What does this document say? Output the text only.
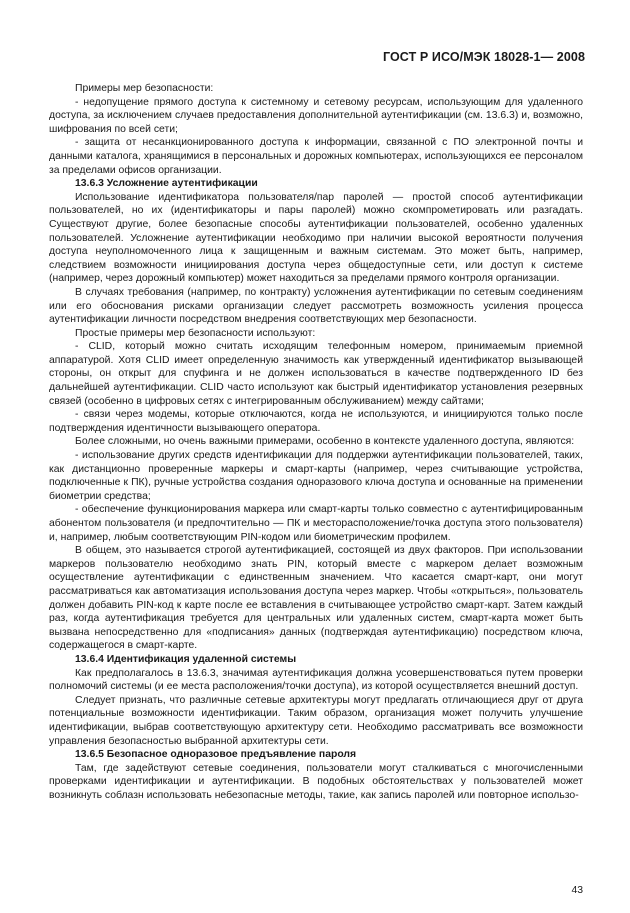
ГОСТ Р ИСО/МЭК 18028-1— 2008

Примеры мер безопасности:

- недопущение прямого доступа к системному и сетевому ресурсам, использующим для удаленного доступа, за исключением случаев предоставления дополнительной аутентификации (см. 13.6.3) и, возможно, шифрования по всей сети;

- защита от несанкционированного доступа к информации, связанной с ПО электронной почты и данными каталога, хранящимися в персональных и дорожных компьютерах, использующихся ее персоналом за пределами офисов организации.

13.6.3 Усложнение аутентификации

Использование идентификатора пользователя/пар паролей — простой способ аутентификации пользователей, но их (идентификаторы и пары паролей) можно скомпрометировать или разгадать. Существуют другие, более безопасные способы аутентификации пользователей, особенно удаленных пользователей. Усложнение аутентификации необходимо при наличии высокой вероятности получения доступа неуполномоченного лица к защищенным и важным системам. Это может быть, например, следствием возможности инициирования доступа через общедоступные сети, или доступ к системе (например, через дорожный компьютер) может находиться за пределами прямого контроля организации.

В случаях требования (например, по контракту) усложнения аутентификации по сетевым соединениям или его обоснования рисками организации следует рассмотреть возможность усиления процесса аутентификации личности посредством внедрения соответствующих мер безопасности.

Простые примеры мер безопасности используют:

- CLID, который можно считать исходящим телефонным номером, принимаемым приемной аппаратурой. Хотя CLID имеет определенную значимость как утвержденный идентификатор вызывающей стороны, он открыт для спуфинга и не должен использоваться в качестве подтвержденного ID без дальнейшей аутентификации. CLID часто используют как быстрый идентификатор установления резервных связей (особенно в цифровых сетях с интегрированным обслуживанием) между сайтами;

- связи через модемы, которые отключаются, когда не используются, и инициируются только после подтверждения идентичности вызывающего оператора.

Более сложными, но очень важными примерами, особенно в контексте удаленного доступа, являются:

- использование других средств идентификации для поддержки аутентификации пользователей, таких, как дистанционно проверенные маркеры и смарт-карты (например, через считывающие устройства, подключенные к ПК), ручные устройства создания одноразового ключа доступа и основанные на применении биометрии средства;

- обеспечение функционирования маркера или смарт-карты только совместно с аутентифицированным абонентом пользователя (и предпочтительно — ПК и месторасположение/точка доступа этого пользователя) и, например, любым соответствующим PIN-кодом или биометрическим профилем.

В общем, это называется строгой аутентификацией, состоящей из двух факторов. При использовании маркеров пользователю необходимо знать PIN, который вместе с маркером делает возможным осуществление аутентификации с единственным значением. Что касается смарт-карт, они могут рассматриваться как автоматизация использования доступа через маркер. Чтобы «открыться», пользователь должен добавить PIN-код к карте после ее вставления в считывающее устройство смарт-карт. Затем каждый раз, когда аутентификация требуется для центральных или удаленных систем, смарт-карта может быть вызвана непосредственно для «подписания» данных (подтверждая аутентификацию) посредством ключа, содержащегося в смарт-карте.

13.6.4 Идентификация удаленной системы

Как предполагалось в 13.6.3, значимая аутентификация должна усовершенствоваться путем проверки полномочий системы (и ее места расположения/точки доступа), из которой осуществляется внешний доступ.

Следует признать, что различные сетевые архитектуры могут предлагать отличающиеся друг от друга потенциальные возможности идентификации. Таким образом, организация может получить улучшение идентификации, выбрав соответствующую архитектуру сети. Необходимо рассматривать все возможности управления безопасностью выбранной архитектуры сети.

13.6.5 Безопасное одноразовое предъявление пароля

Там, где задействуют сетевые соединения, пользователи могут сталкиваться с многочисленными проверками идентификации и аутентификации. В подобных обстоятельствах у пользователей может возникнуть соблазн использовать небезопасные методы, такие, как запись паролей или повторное использо-

43
